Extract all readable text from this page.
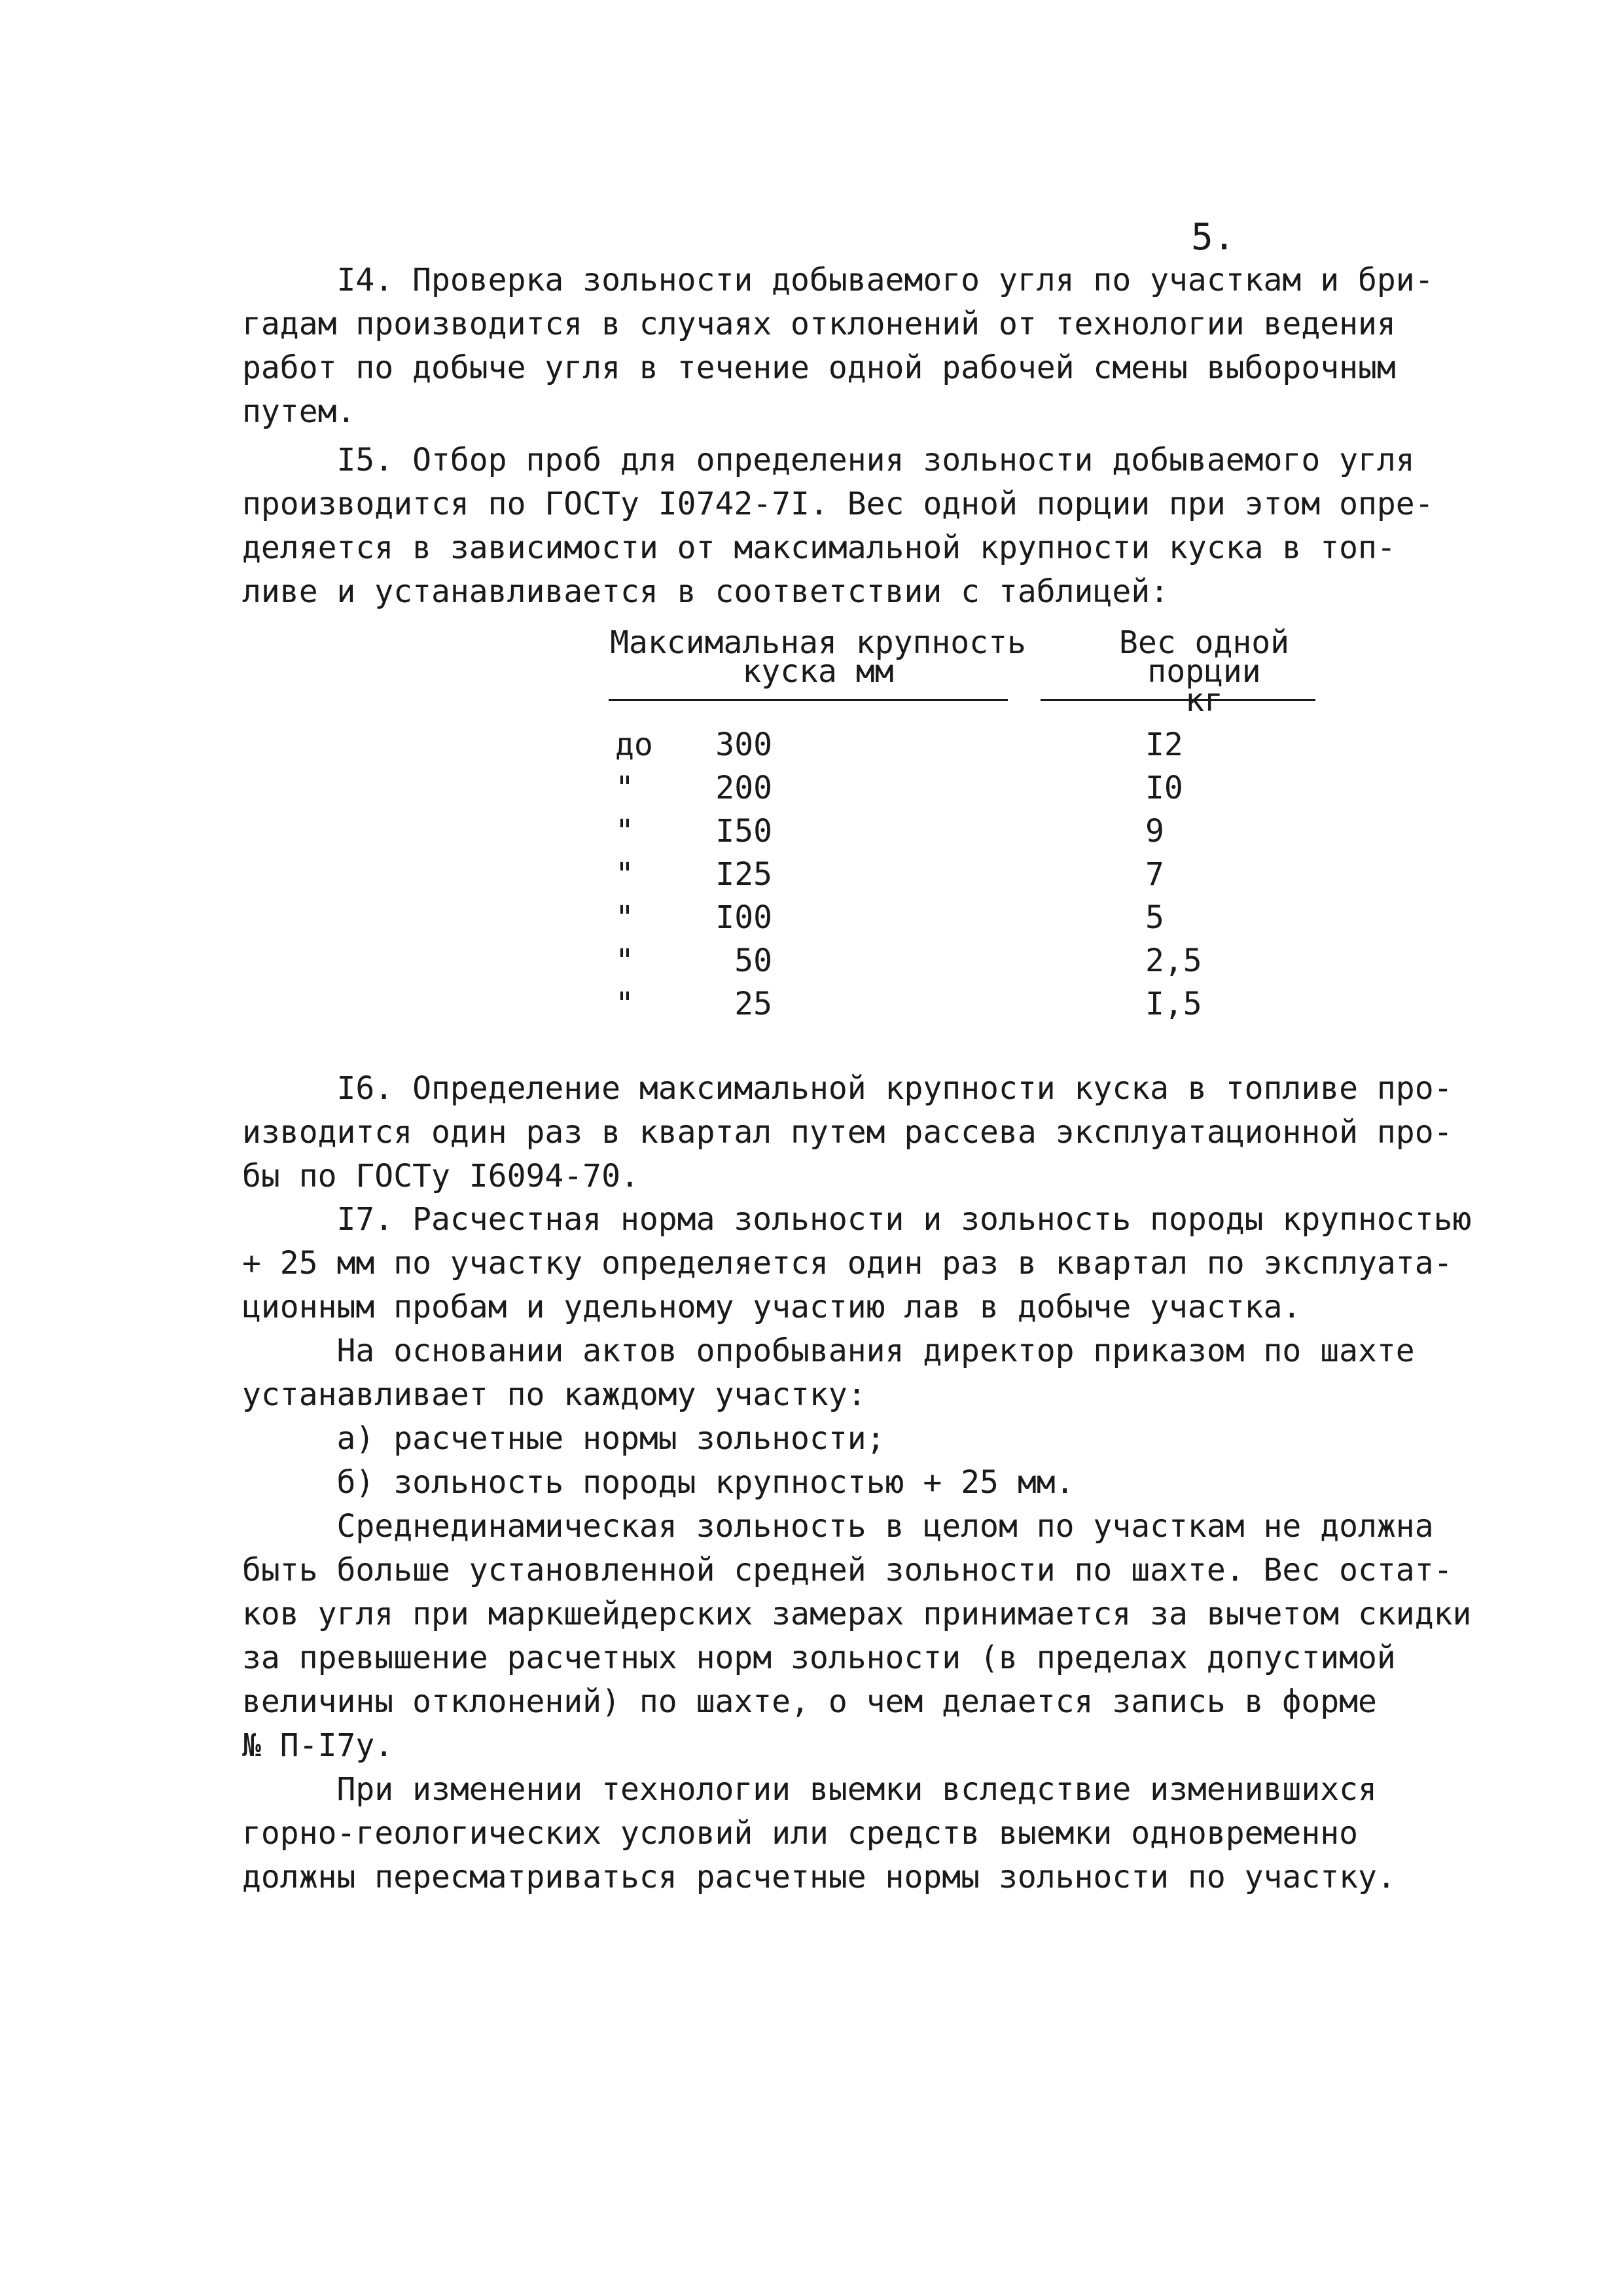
5.
I4. Проверка зольности добываемого угля по участкам и бри-
гадам производится в случаях отклонений от технологии ведения
работ по добыче угля в течение одной рабочей смены выборочным
путем.
I5. Отбор проб для определения зольности добываемого угля
производится по ГОСТу I0742-7I. Вес одной порции при этом опре-
деляется в зависимости от максимальной крупности куска в топ-
ливе и устанавливается в соответствии с таблицей:
Максимальная крупность
куска мм
Вес одной порции
кг
до	300	I2
"	200	I0
"	I50	9
"	I25	7
"	I00	5
"	50	2,5
"	25	I,5
I6. Определение максимальной крупности куска в топливе про-
изводится один раз в квартал путем рассева эксплуатационной про-
бы по ГОСТу I6094-70.
I7. Расчестная норма зольности и зольность породы крупностью
+ 25 мм по участку определяется один раз в квартал по эксплуата-
ционным пробам и удельному участию лав в добыче участка.
На основании актов опробывания директор приказом по шахте
устанавливает по каждому участку:
а) расчетные нормы зольности;
б) зольность породы крупностью + 25 мм.
Среднединамическая зольность в целом по участкам не должна
быть больше установленной средней зольности по шахте. Вес остат-
ков угля при маркшейдерских замерах принимается за вычетом скидки
за превышение расчетных норм зольности (в пределах допустимой
величины отклонений) по шахте, о чем делается запись в форме
№ П-I7у.
При изменении технологии выемки вследствие изменившихся
горно-геологических условий или средств выемки одновременно
должны пересматриваться расчетные нормы зольности по участку.
